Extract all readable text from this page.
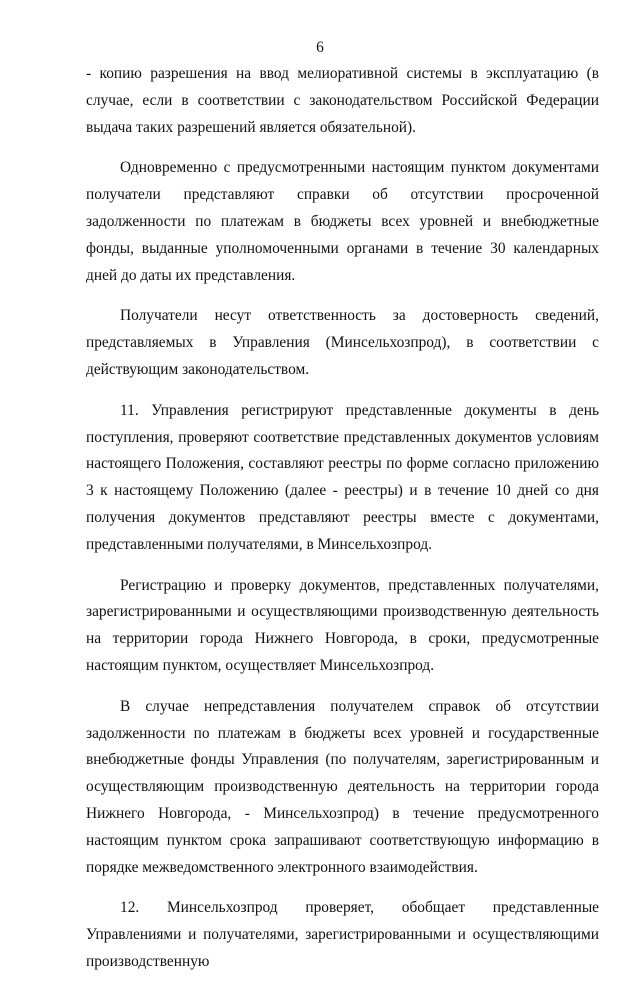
6

- копию разрешения на ввод мелиоративной системы в эксплуатацию (в случае, если в соответствии с законодательством Российской Федерации выдача таких разрешений является обязательной).

Одновременно с предусмотренными настоящим пунктом документами получатели представляют справки об отсутствии просроченной задолженности по платежам в бюджеты всех уровней и внебюджетные фонды, выданные уполномоченными органами в течение 30 календарных дней до даты их представления.

Получатели несут ответственность за достоверность сведений, представляемых в Управления (Минсельхозпрод), в соответствии с действующим законодательством.

11. Управления регистрируют представленные документы в день поступления, проверяют соответствие представленных документов условиям настоящего Положения, составляют реестры по форме согласно приложению 3 к настоящему Положению (далее - реестры) и в течение 10 дней со дня получения документов представляют реестры вместе с документами, представленными получателями, в Минсельхозпрод.

Регистрацию и проверку документов, представленных получателями, зарегистрированными и осуществляющими производственную деятельность на территории города Нижнего Новгорода, в сроки, предусмотренные настоящим пунктом, осуществляет Минсельхозпрод.

В случае непредставления получателем справок об отсутствии задолженности по платежам в бюджеты всех уровней и государственные внебюджетные фонды Управления (по получателям, зарегистрированным и осуществляющим производственную деятельность на территории города Нижнего Новгорода, - Минсельхозпрод) в течение предусмотренного настоящим пунктом срока запрашивают соответствующую информацию в порядке межведомственного электронного взаимодействия.

12. Минсельхозпрод проверяет, обобщает представленные Управлениями и получателями, зарегистрированными и осуществляющими производственную
